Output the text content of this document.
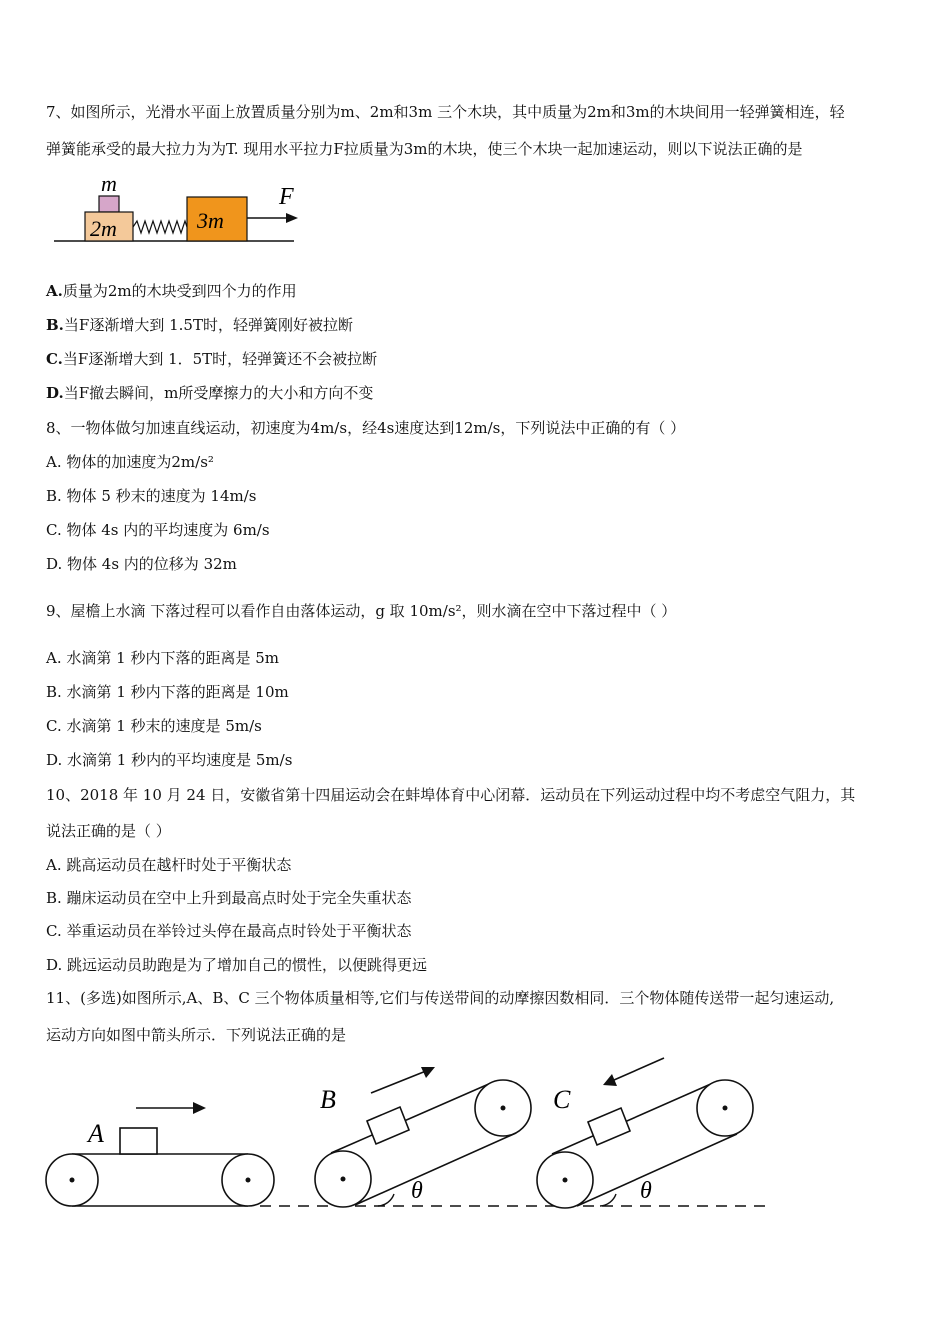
7、如图所示，光滑水平面上放置质量分别为m、2m和3m 三个木块，其中质量为2m和3m的木块间用一轻弹簧相连，轻
弹簧能承受的最大拉力为为T. 现用水平拉力F拉质量为3m的木块，使三个木块一起加速运动，则以下说法正确的是
m
2m	3m
F
A.质量为2m的木块受到四个力的作用
B.当F逐渐增大到 1.5T时，轻弹簧刚好被拉断
C.当F逐渐增大到 1．5T时，轻弹簧还不会被拉断
D.当F撤去瞬间，m所受摩擦力的大小和方向不变
8、一物体做匀加速直线运动，初速度为4m/s，经4s速度达到12m/s，下列说法中正确的有（ ）
A. 物体的加速度为2m/s²
B. 物体 5 秒末的速度为 14m/s
C. 物体 4s 内的平均速度为 6m/s
D. 物体 4s 内的位移为 32m
9、屋檐上水滴 下落过程可以看作自由落体运动，g 取 10m/s²，则水滴在空中下落过程中（ ）
A. 水滴第 1 秒内下落的距离是 5m
B. 水滴第 1 秒内下落的距离是 10m
C. 水滴第 1 秒末的速度是 5m/s
D. 水滴第 1 秒内的平均速度是 5m/s
10、2018 年 10 月 24 日，安徽省第十四届运动会在蚌埠体育中心闭幕．运动员在下列运动过程中均不考虑空气阻力，其
说法正确的是（ ）
A. 跳高运动员在越杆时处于平衡状态
B. 蹦床运动员在空中上升到最高点时处于完全失重状态
C. 举重运动员在举铃过头停在最高点时铃处于平衡状态
D. 跳远运动员助跑是为了增加自己的惯性，以便跳得更远
11、(多选)如图所示,A、B、C 三个物体质量相等,它们与传送带间的动摩擦因数相同．三个物体随传送带一起匀速运动,
运动方向如图中箭头所示．下列说法正确的是
A
B
θ
C
θ
